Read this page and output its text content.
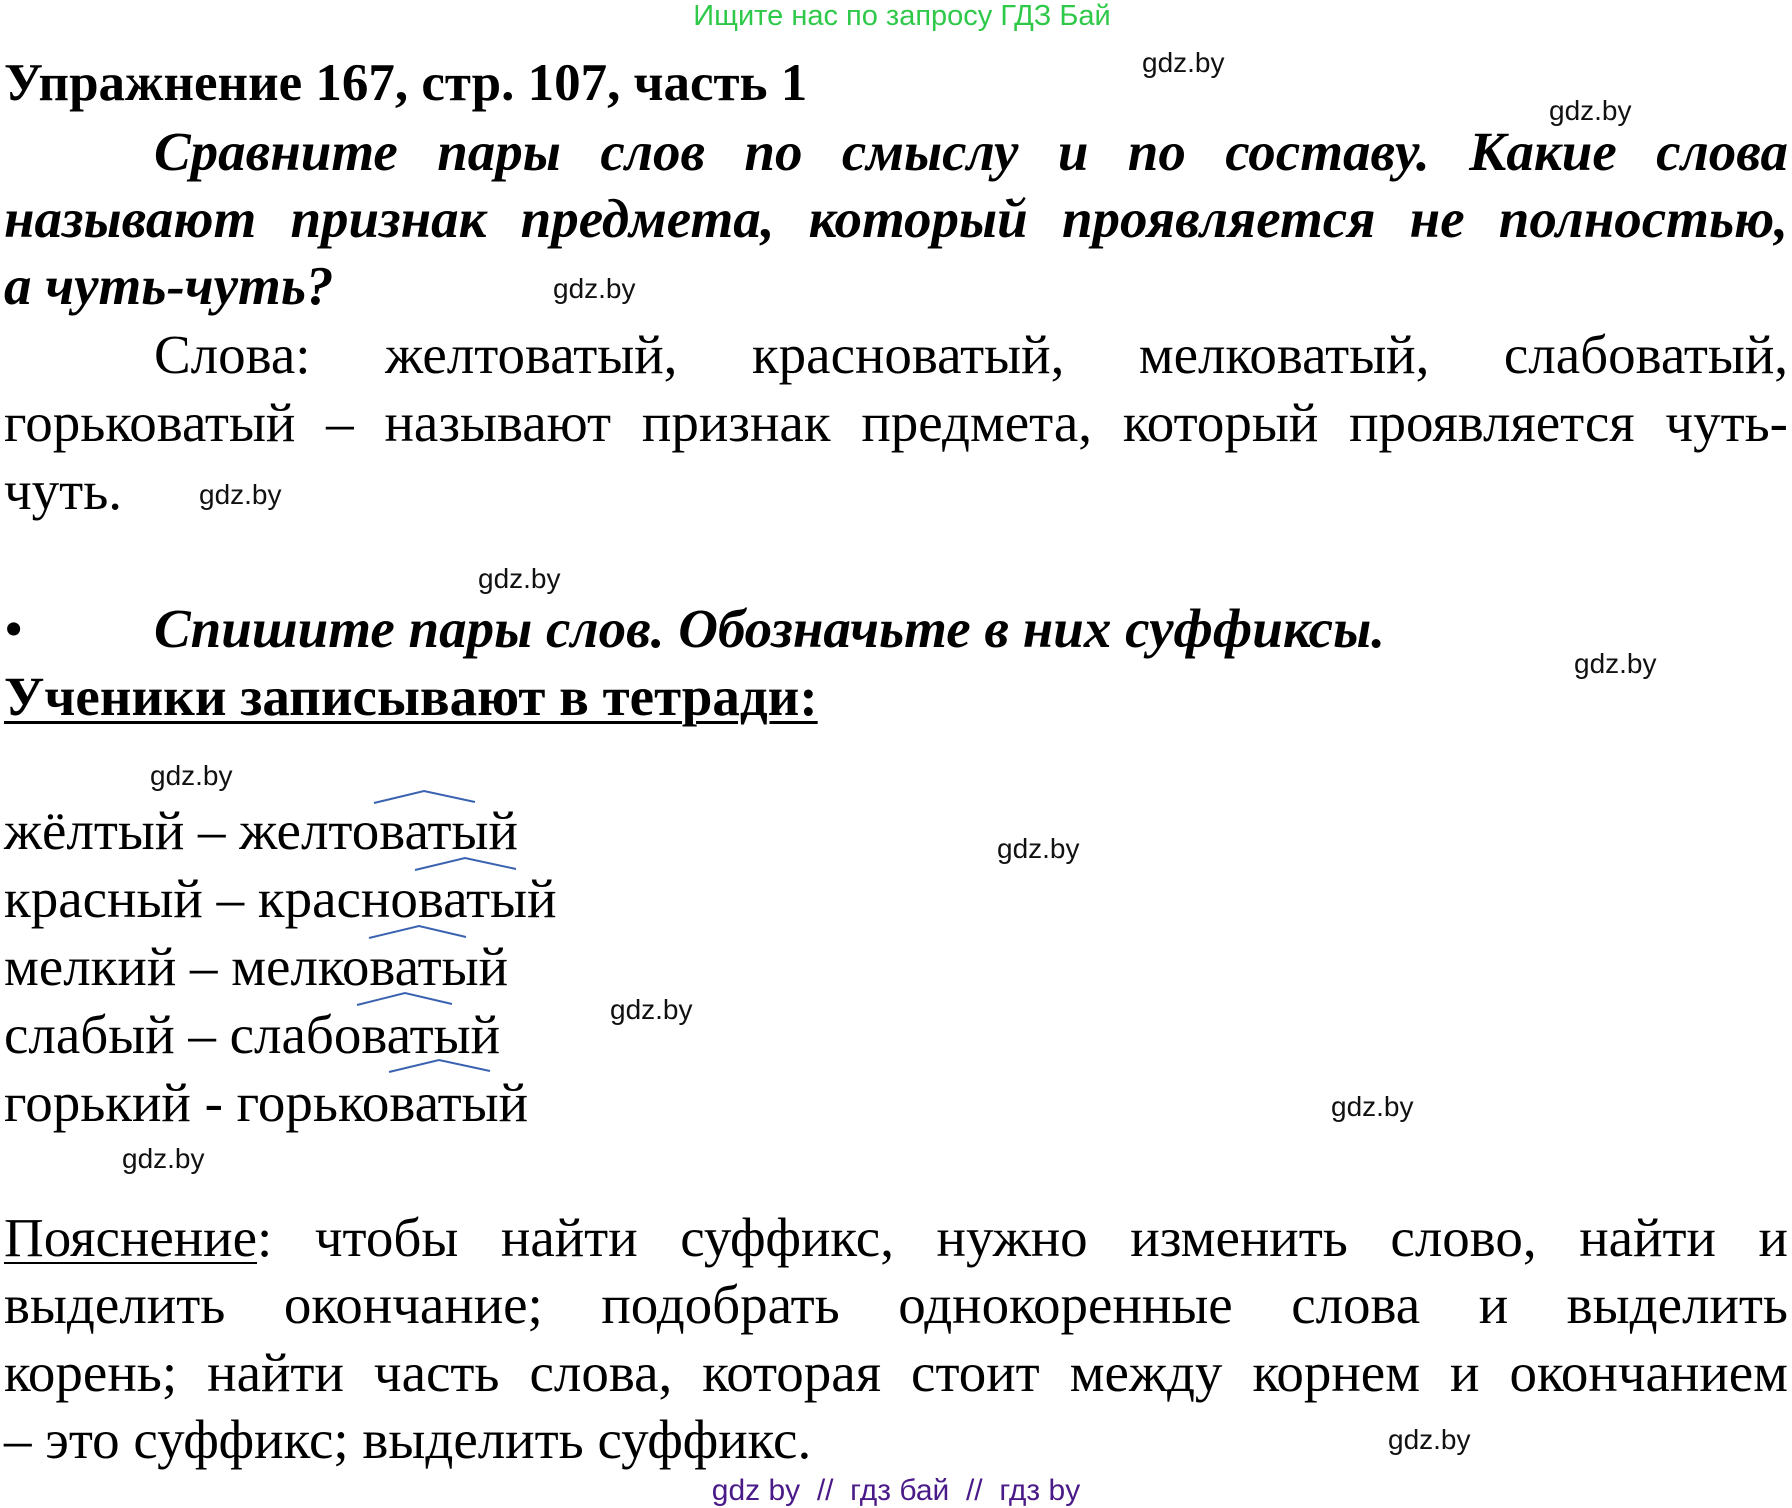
Ищите нас по запросу ГДЗ Бай
Упражнение 167, стр. 107, часть 1
Сравните пары слов по смыслу и по составу. Какие слова
называют признак предмета, который проявляется не полностью,
а чуть-чуть?
Слова: желтоватый, красноватый, мелковатый, слабоватый,
горьковатый – называют признак предмета, который проявляется чуть-
чуть.
•	Спишите пары слов. Обозначьте в них суффиксы.
Ученики записывают в тетради:
жёлтый – желтоватый
красный – красноватый
мелкий – мелковатый
слабый – слабоватый
горький - горьковатый
Пояснение: чтобы найти суффикс, нужно изменить слово, найти и
выделить окончание; подобрать однокоренные слова и выделить
корень; найти часть слова, которая стоит между корнем и окончанием
– это суффикс; выделить суффикс.
gdz.by
gdz.by
gdz.by
gdz.by
gdz.by
gdz.by
gdz.by
gdz.by
gdz.by
gdz.by
gdz.by
gdz.by
gdz by  //  гдз бай  //  гдз by
